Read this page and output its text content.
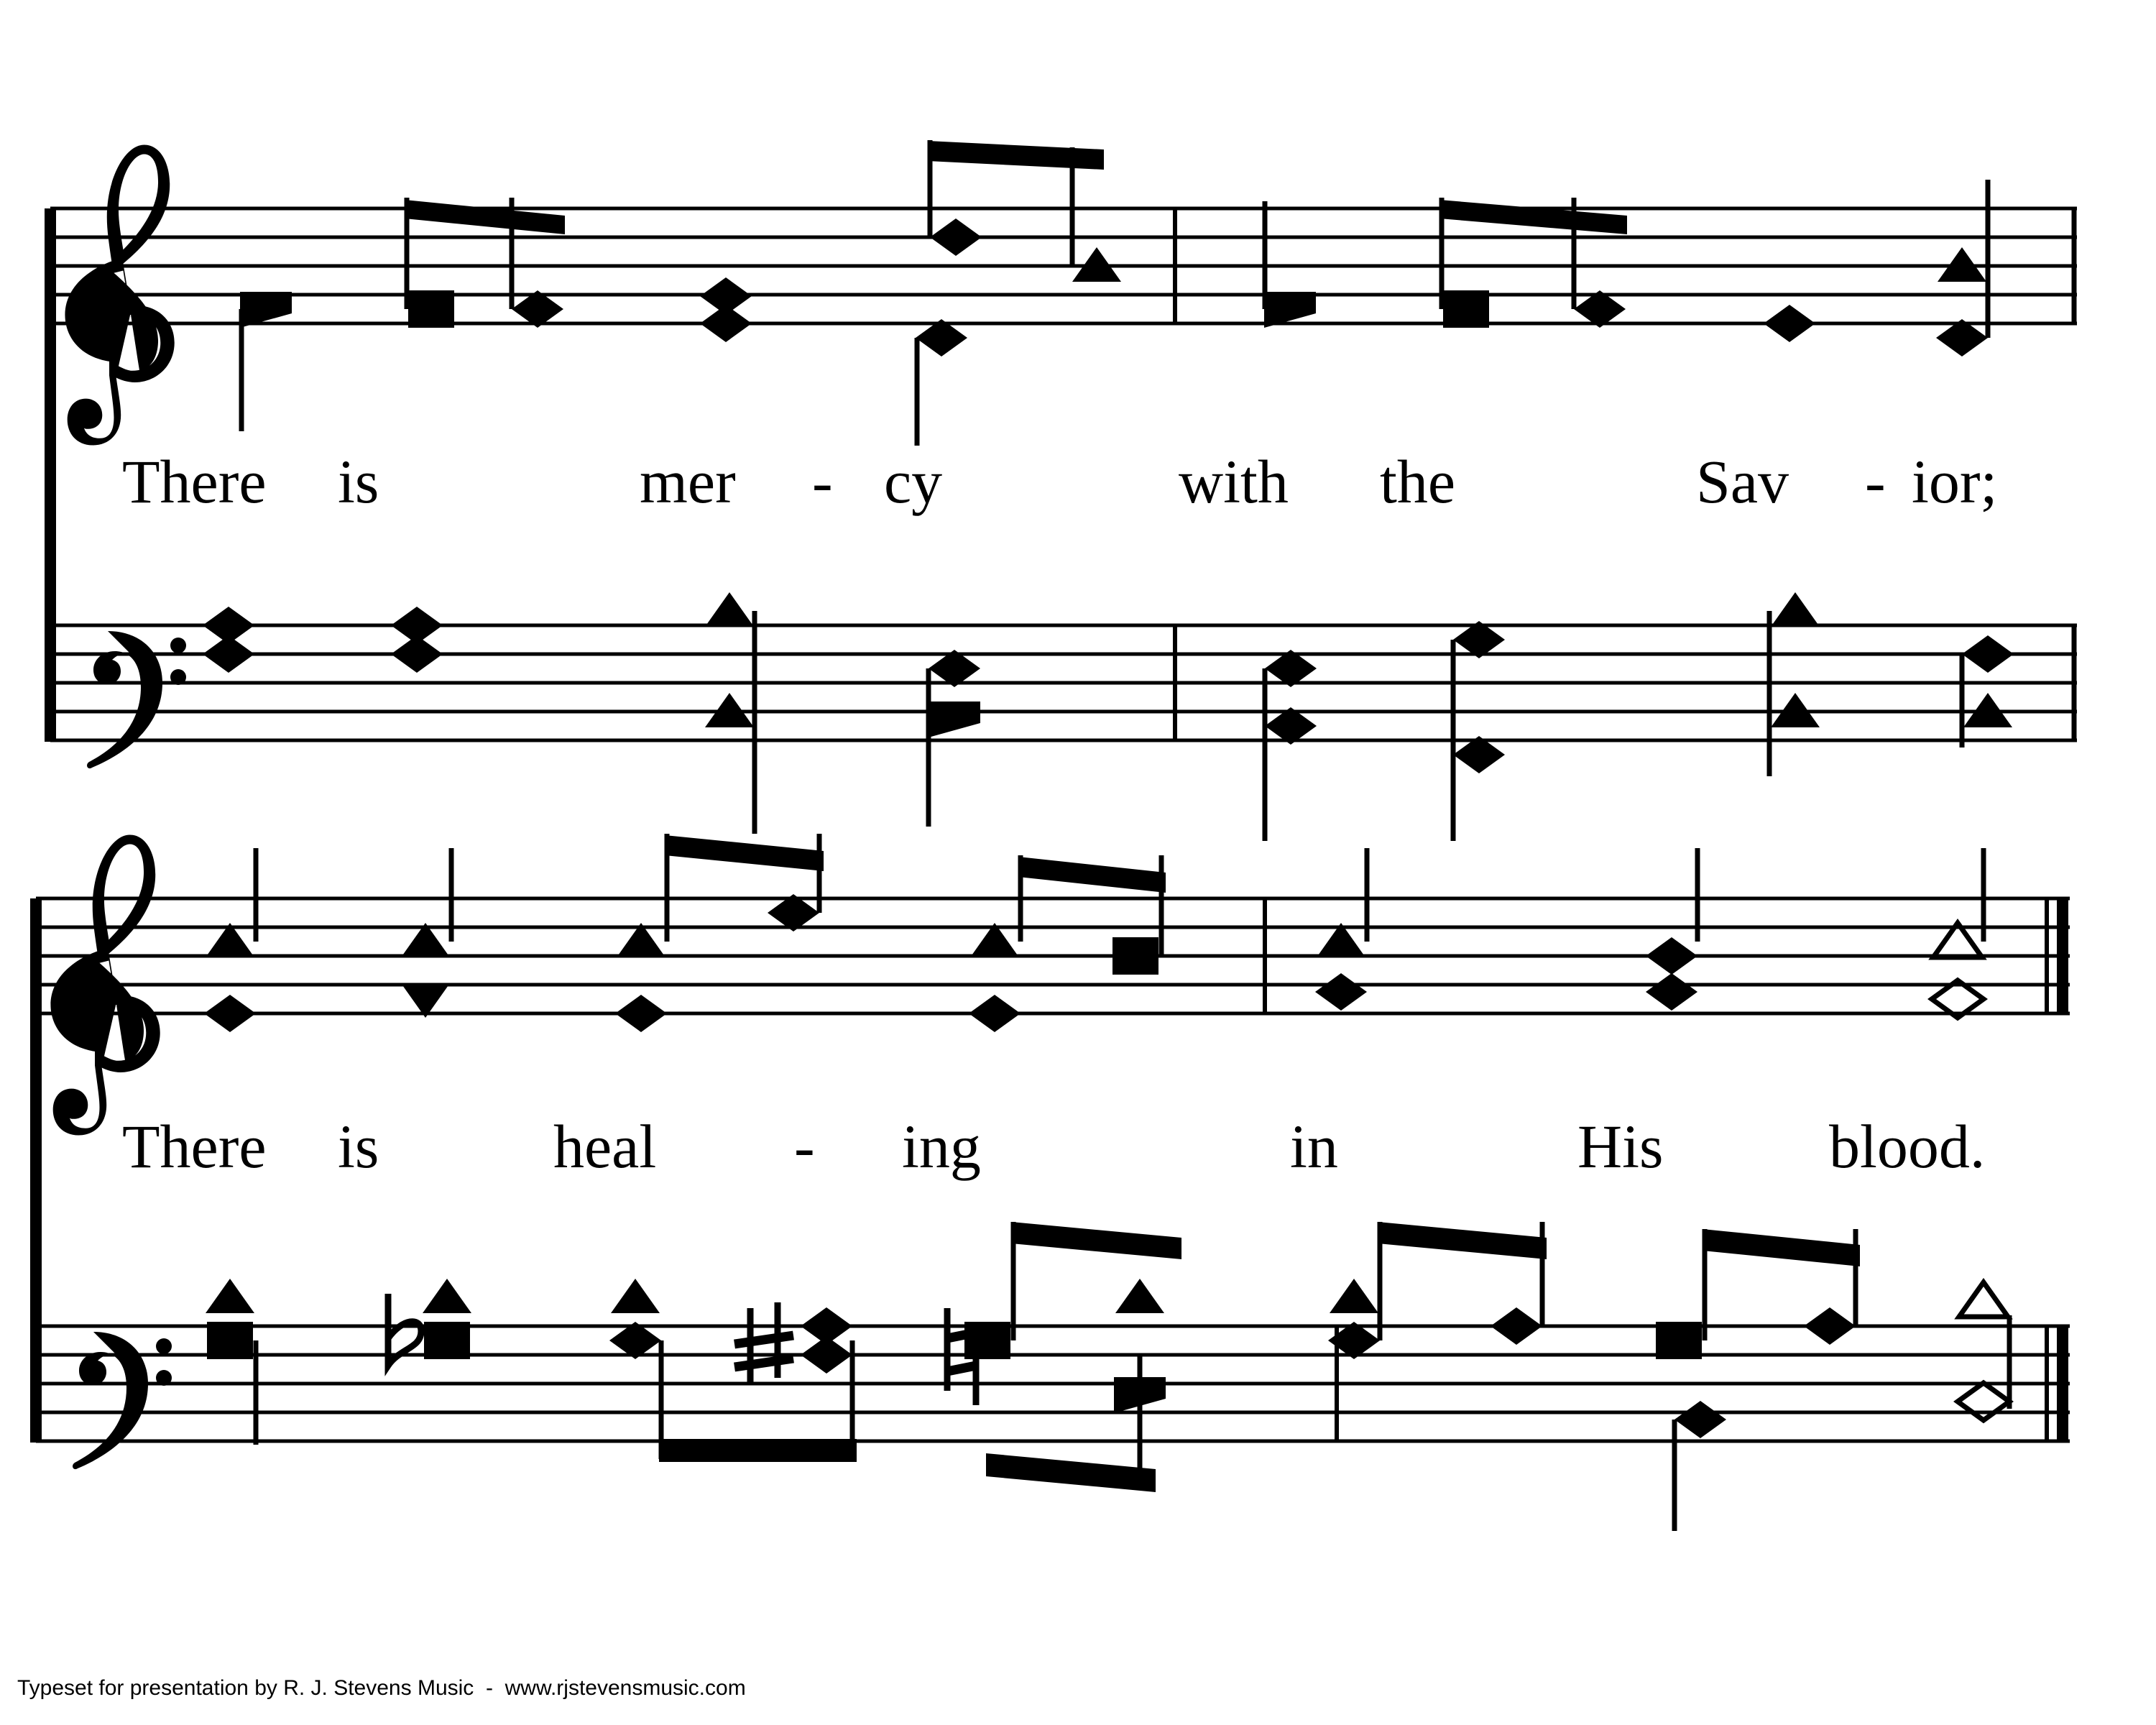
There is	mer - cy	with the	Sav - ior;
There is	heal - ing	in	His	blood.
Typeset for presentation by R. J. Stevens Music  -  www.rjstevensmusic.com
